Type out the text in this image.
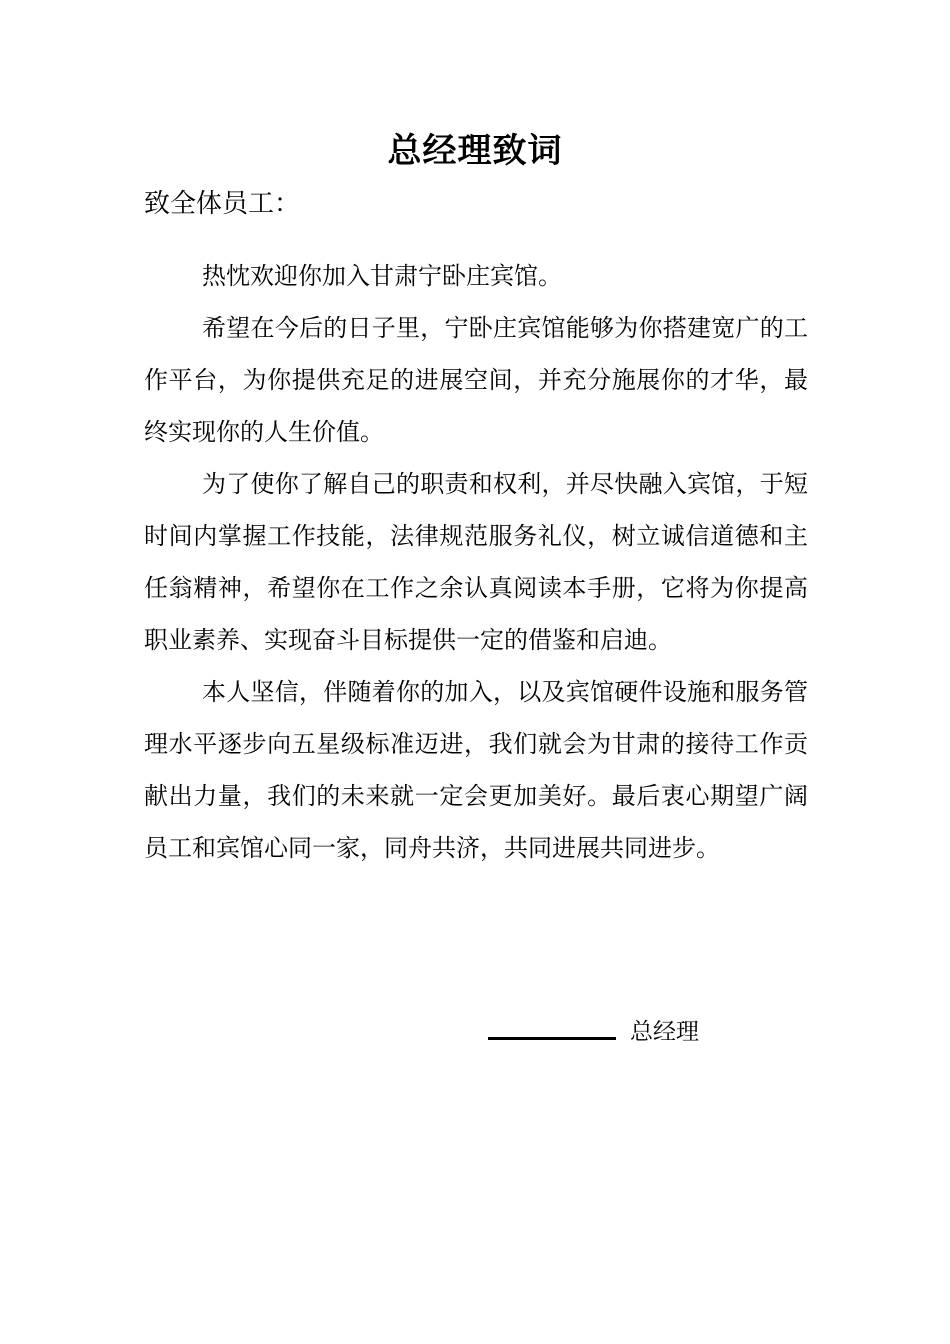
总经理致词
致全体员工：

热忱欢迎你加入甘肃宁卧庄宾馆。

希望在今后的日子里，宁卧庄宾馆能够为你搭建宽广的工作平台，为你提供充足的进展空间，并充分施展你的才华，最终实现你的人生价值。

为了使你了解自己的职责和权利，并尽快融入宾馆，于短时间内掌握工作技能，法律规范服务礼仪，树立诚信道德和主任翁精神，希望你在工作之余认真阅读本手册，它将为你提高职业素养、实现奋斗目标提供一定的借鉴和启迪。

本人坚信，伴随着你的加入，以及宾馆硬件设施和服务管理水平逐步向五星级标准迈进，我们就会为甘肃的接待工作贡献出力量，我们的未来就一定会更加美好。最后衷心期望广阔员工和宾馆心同一家，同舟共济，共同进展共同进步。

总经理
